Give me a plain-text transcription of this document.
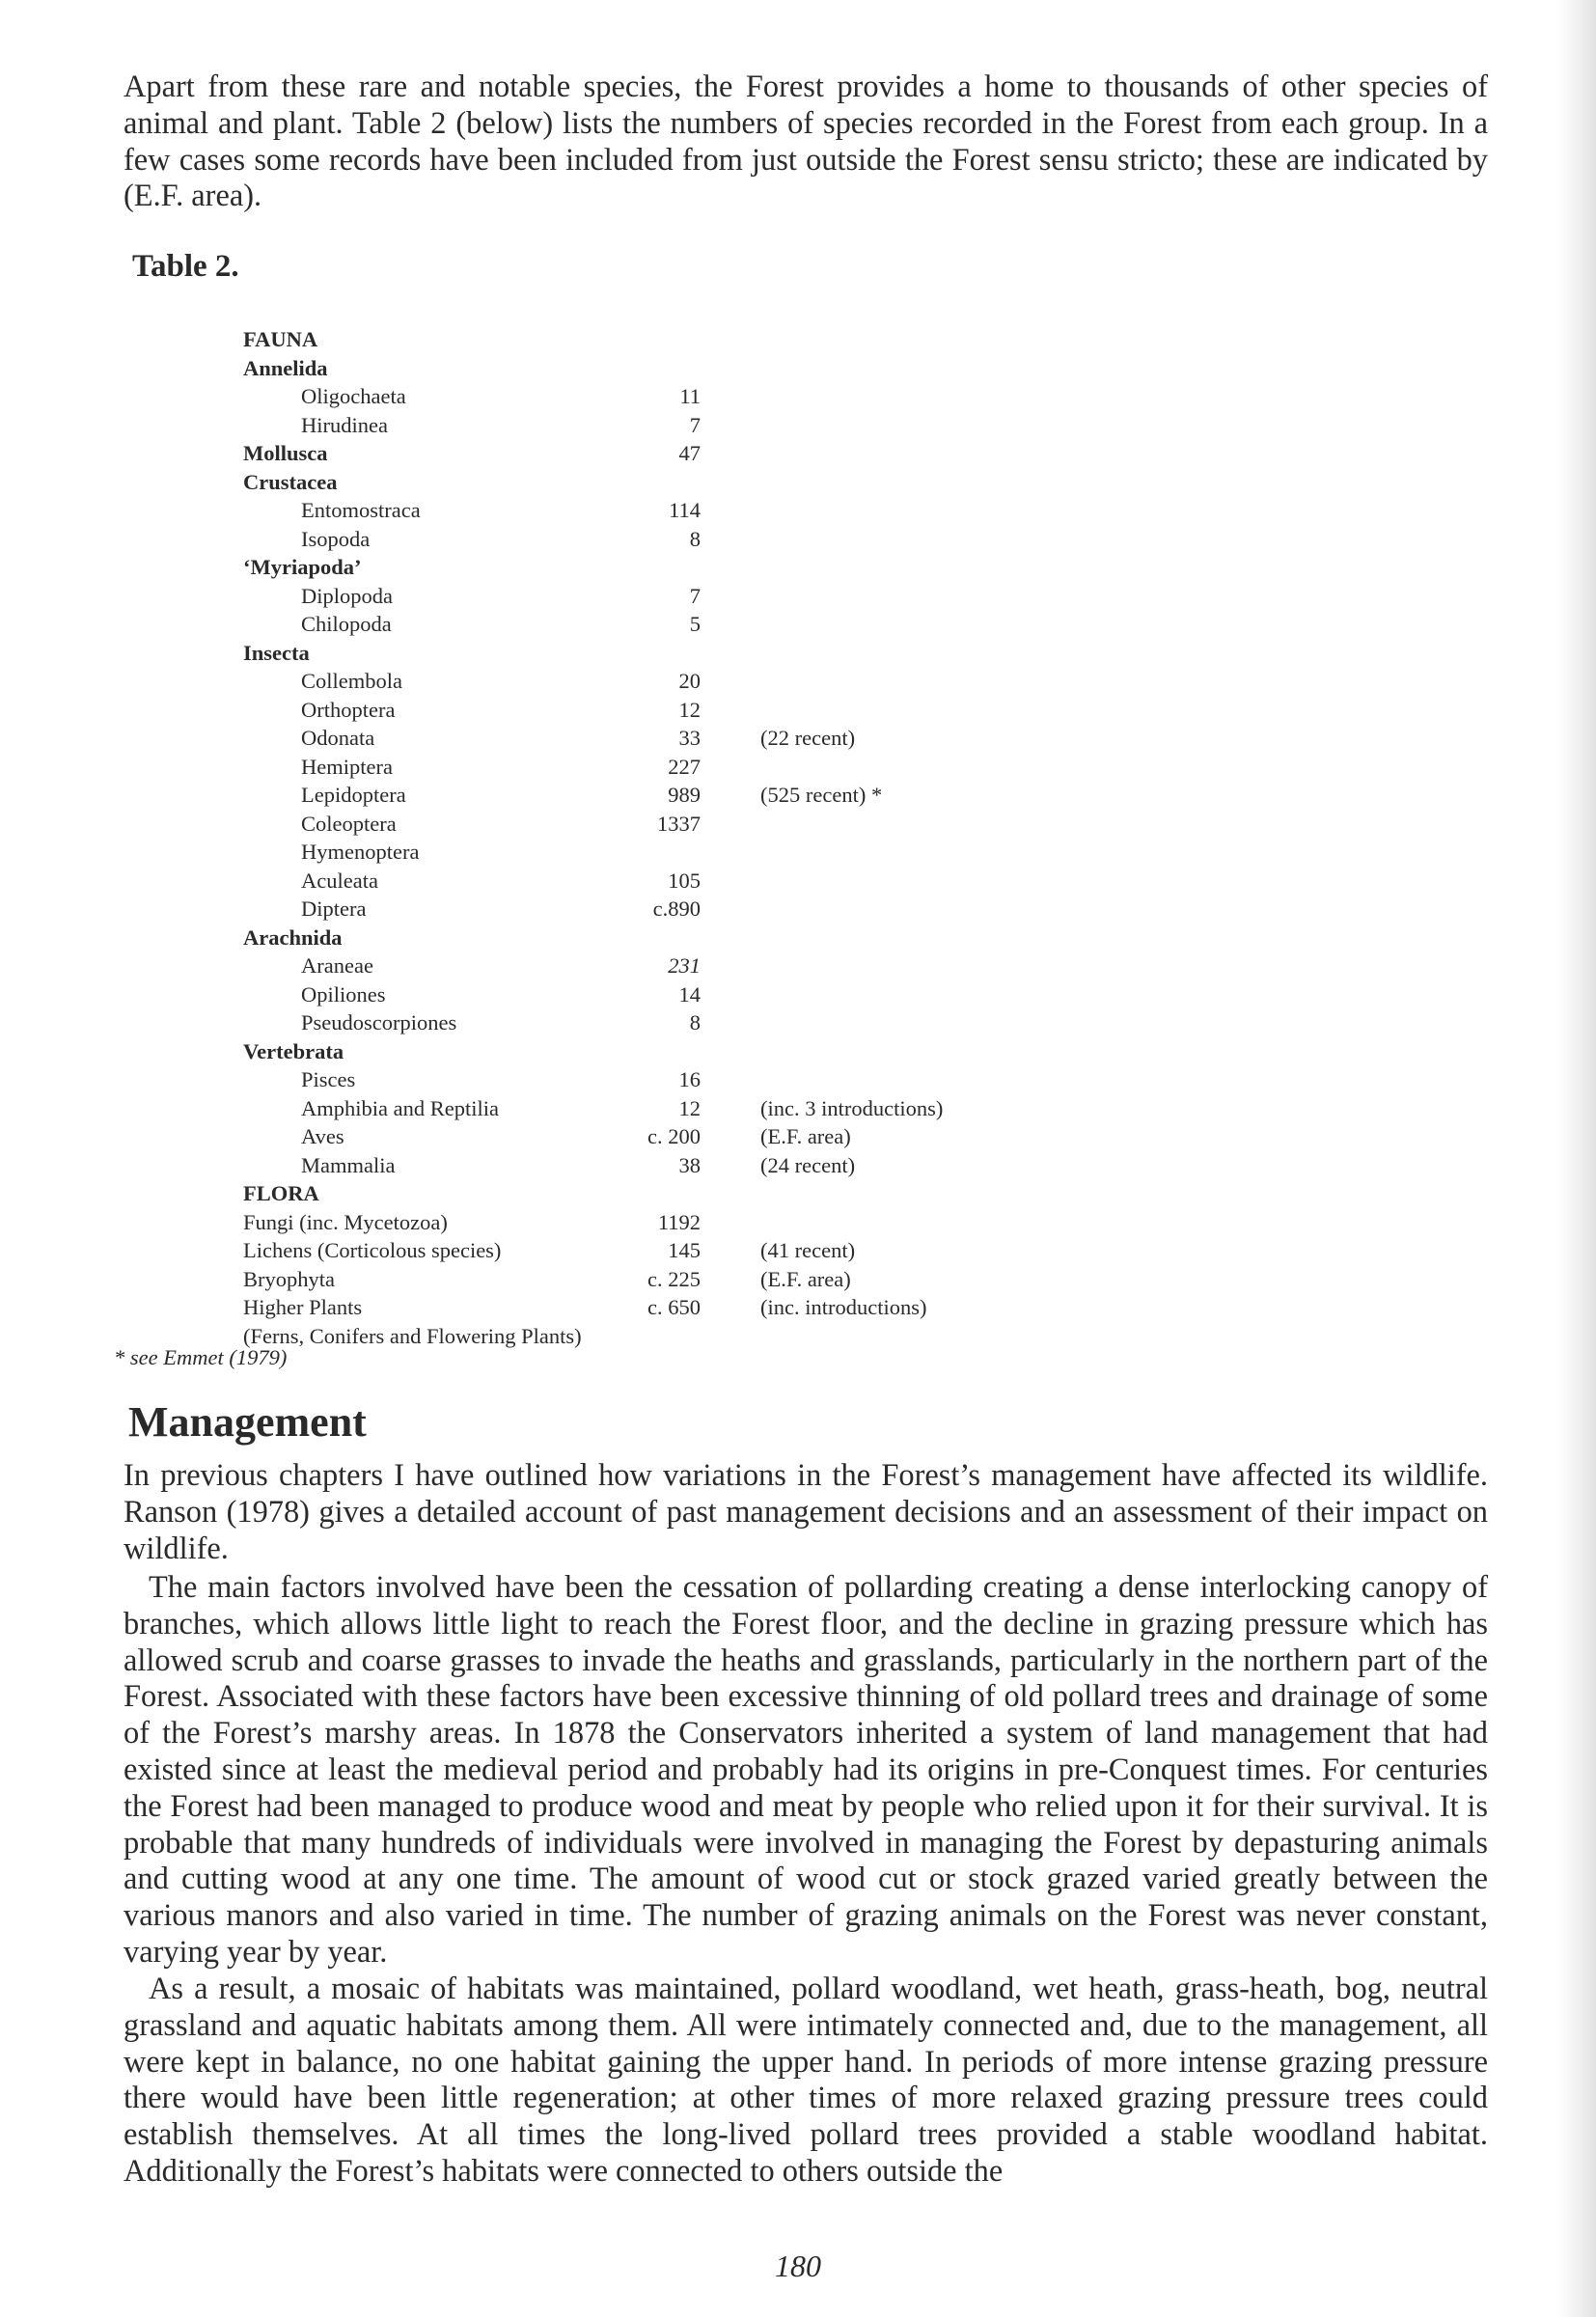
Apart from these rare and notable species, the Forest provides a home to thousands of other species of animal and plant. Table 2 (below) lists the numbers of species recorded in the Forest from each group. In a few cases some records have been included from just outside the Forest sensu stricto; these are indicated by (E.F. area).

Table 2.

FAUNA
Annelida
Oligochaeta	11
Hirudinea	7
Mollusca	47
Crustacea
Entomostraca	114
Isopoda	8
‘Myriapoda’
Diplopoda	7
Chilopoda	5
Insecta
Collembola	20
Orthoptera	12
Odonata	33	(22 recent)
Hemiptera	227
Lepidoptera	989	(525 recent) *
Coleoptera	1337
Hymenoptera
Aculeata	105
Diptera	c.890
Arachnida
Araneae	231
Opiliones	14
Pseudoscorpiones	8
Vertebrata
Pisces	16
Amphibia and Reptilia	12	(inc. 3 introductions)
Aves	c. 200	(E.F. area)
Mammalia	38	(24 recent)
FLORA
Fungi (inc. Mycetozoa)	1192
Lichens (Corticolous species)	145	(41 recent)
Bryophyta	c. 225	(E.F. area)
Higher Plants	c. 650	(inc. introductions)
(Ferns, Conifers and Flowering Plants)

* see Emmet (1979)

Management

In previous chapters I have outlined how variations in the Forest’s management have affected its wildlife. Ranson (1978) gives a detailed account of past management decisions and an assessment of their impact on wildlife.

The main factors involved have been the cessation of pollarding creating a dense interlocking canopy of branches, which allows little light to reach the Forest floor, and the decline in grazing pressure which has allowed scrub and coarse grasses to invade the heaths and grasslands, particularly in the northern part of the Forest. Associated with these factors have been excessive thinning of old pollard trees and drainage of some of the Forest’s marshy areas. In 1878 the Conservators inherited a system of land management that had existed since at least the medieval period and probably had its origins in pre-Conquest times. For centuries the Forest had been managed to produce wood and meat by people who relied upon it for their survival. It is probable that many hundreds of individuals were involved in managing the Forest by depasturing animals and cutting wood at any one time. The amount of wood cut or stock grazed varied greatly between the various manors and also varied in time. The number of grazing animals on the Forest was never constant, varying year by year.

As a result, a mosaic of habitats was maintained, pollard woodland, wet heath, grass-heath, bog, neutral grassland and aquatic habitats among them. All were intimately connected and, due to the management, all were kept in balance, no one habitat gaining the upper hand. In periods of more intense grazing pressure there would have been little regeneration; at other times of more relaxed grazing pressure trees could establish themselves. At all times the long-lived pollard trees provided a stable woodland habitat. Additionally the Forest’s habitats were connected to others outside the

180
